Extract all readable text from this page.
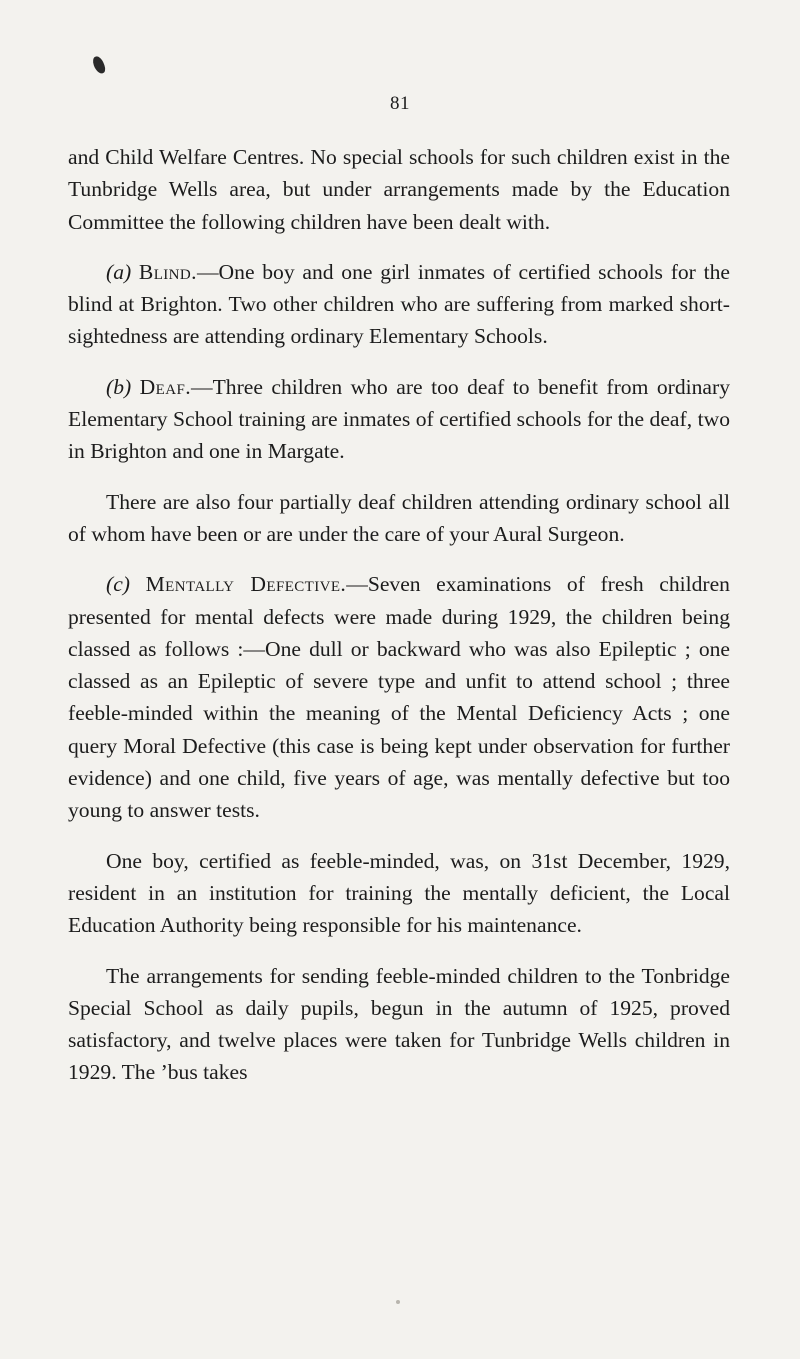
81

and Child Welfare Centres. No special schools for such children exist in the Tunbridge Wells area, but under arrangements made by the Education Committee the following children have been dealt with.

(a) Blind.—One boy and one girl inmates of certified schools for the blind at Brighton. Two other children who are suffering from marked short-sightedness are attending ordinary Elementary Schools.

(b) Deaf.—Three children who are too deaf to benefit from ordinary Elementary School training are inmates of certified schools for the deaf, two in Brighton and one in Margate.

There are also four partially deaf children attending ordinary school all of whom have been or are under the care of your Aural Surgeon.

(c) Mentally Defective.—Seven examinations of fresh children presented for mental defects were made during 1929, the children being classed as follows :—One dull or backward who was also Epileptic ; one classed as an Epileptic of severe type and unfit to attend school ; three feeble-minded within the meaning of the Mental Deficiency Acts ; one query Moral Defective (this case is being kept under observation for further evidence) and one child, five years of age, was mentally defective but too young to answer tests.

One boy, certified as feeble-minded, was, on 31st December, 1929, resident in an institution for training the mentally deficient, the Local Education Authority being responsible for his maintenance.

The arrangements for sending feeble-minded children to the Tonbridge Special School as daily pupils, begun in the autumn of 1925, proved satisfactory, and twelve places were taken for Tunbridge Wells children in 1929. The ’bus takes
